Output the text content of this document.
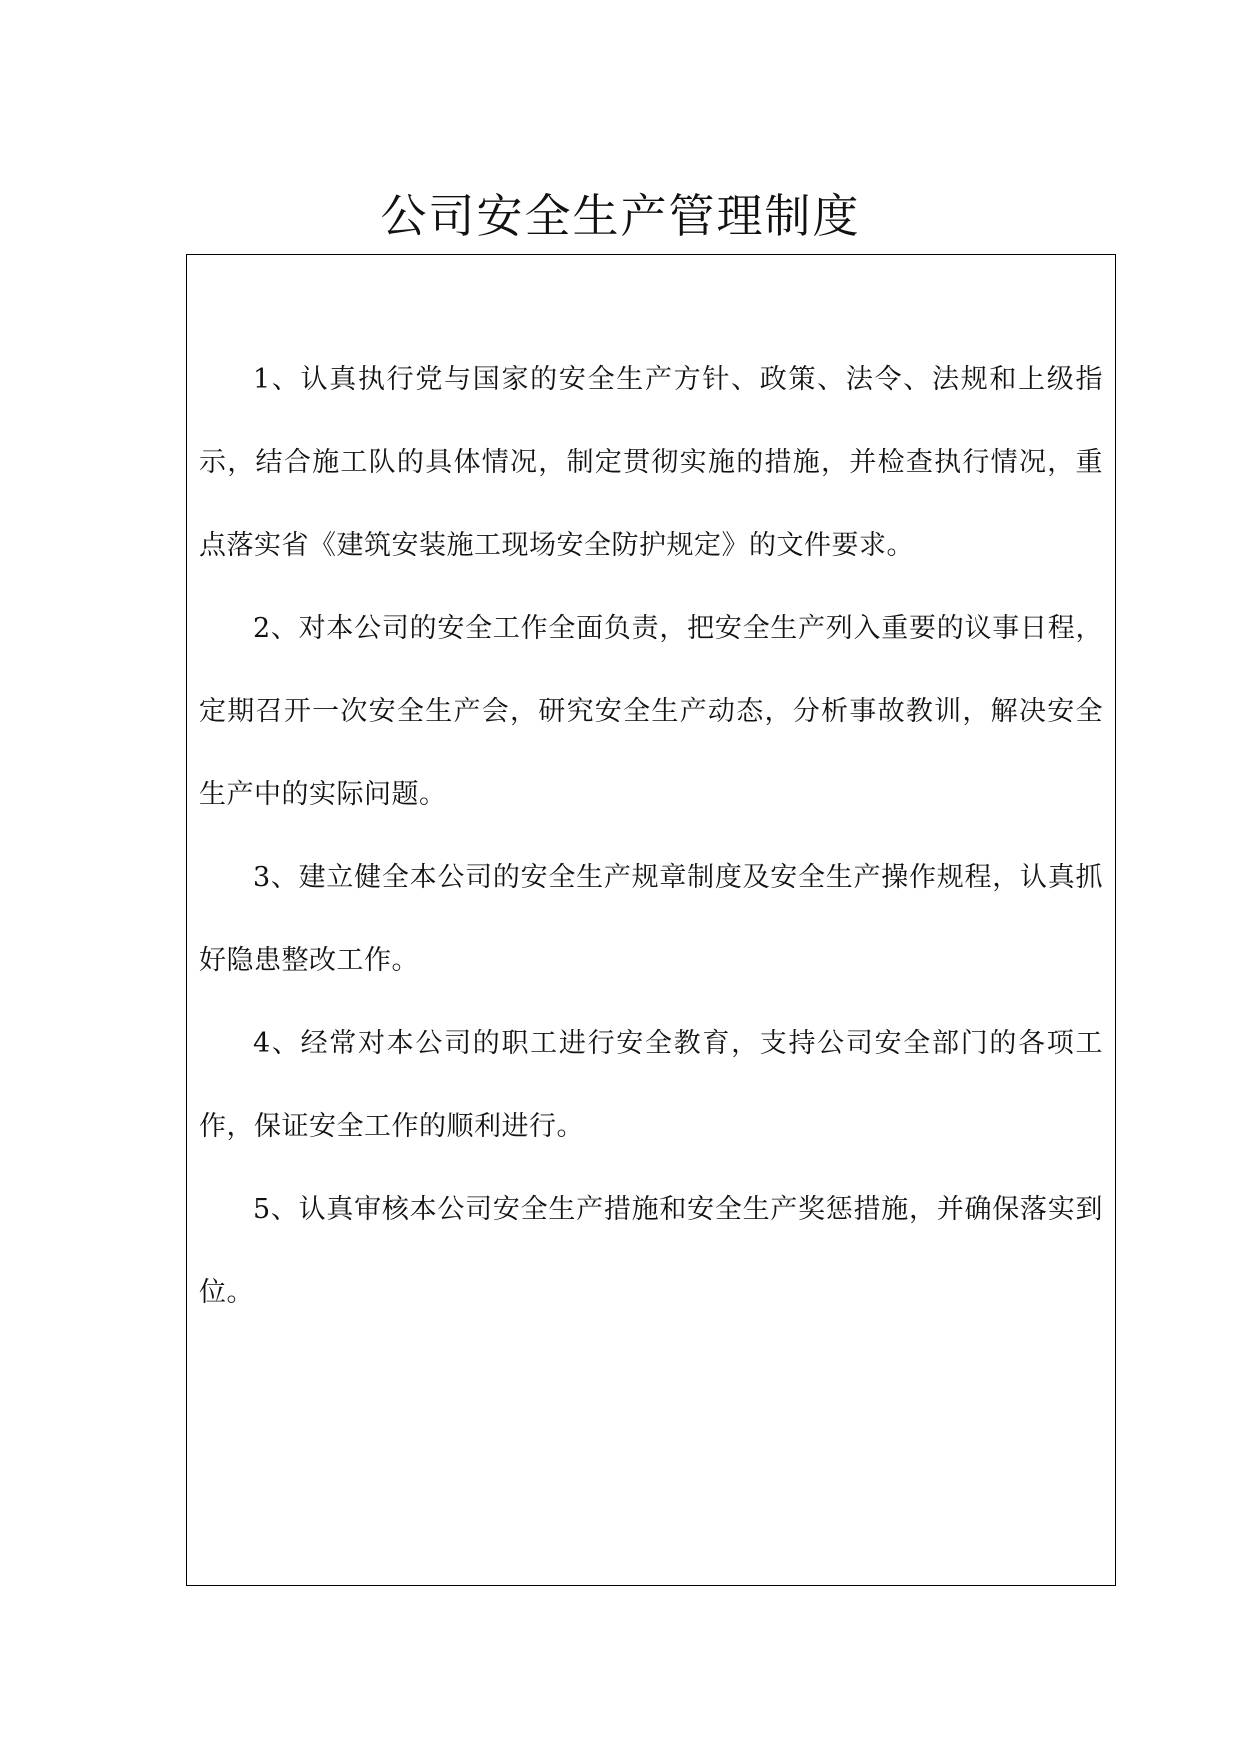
公司安全生产管理制度

1、认真执行党与国家的安全生产方针、政策、法令、法规和上级指示，结合施工队的具体情况，制定贯彻实施的措施，并检查执行情况，重点落实省《建筑安装施工现场安全防护规定》的文件要求。

2、对本公司的安全工作全面负责，把安全生产列入重要的议事日程，定期召开一次安全生产会，研究安全生产动态，分析事故教训，解决安全生产中的实际问题。

3、建立健全本公司的安全生产规章制度及安全生产操作规程，认真抓好隐患整改工作。

4、经常对本公司的职工进行安全教育，支持公司安全部门的各项工作，保证安全工作的顺利进行。

5、认真审核本公司安全生产措施和安全生产奖惩措施，并确保落实到位。
